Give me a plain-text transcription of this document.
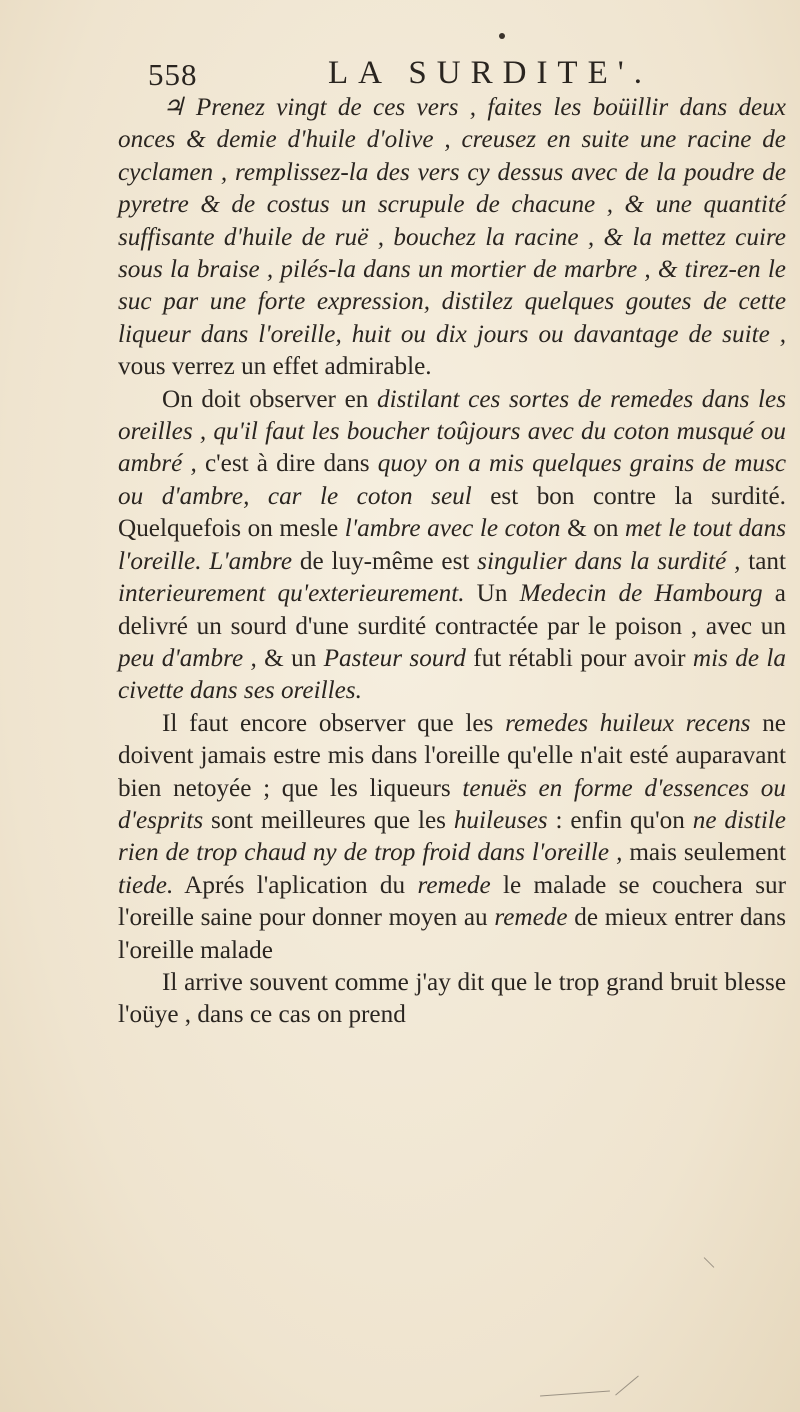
558	LA SURDITE'.

♃ Prenez vingt de ces vers , faites les boüillir dans deux onces & demie d'huile d'olive , creusez en suite une racine de cyclamen , remplissez-la des vers cy dessus avec de la poudre de pyretre & de costus un scrupule de chacune , & une quantité suffisante d'huile de ruë , bouchez la racine , & la mettez cuire sous la braise , pilés-la dans un mortier de marbre , & tirez-en le suc par une forte expression, distilez quelques goutes de cette liqueur dans l'oreille, huit ou dix jours ou davantage de suite , vous verrez un effet admirable.

On doit observer en distilant ces sortes de remedes dans les oreilles , qu'il faut les boucher toûjours avec du coton musqué ou ambré , c'est à dire dans quoy on a mis quelques grains de musc ou d'ambre, car le coton seul est bon contre la surdité. Quelquefois on mesle l'ambre avec le coton & on met le tout dans l'oreille. L'ambre de luy-même est singulier dans la surdité , tant interieurement qu'exterieurement. Un Medecin de Hambourg a delivré un sourd d'une surdité contractée par le poison , avec un peu d'ambre , & un Pasteur sourd fut rétabli pour avoir mis de la civette dans ses oreilles.

Il faut encore observer que les remedes huileux recens ne doivent jamais estre mis dans l'oreille qu'elle n'ait esté auparavant bien netoyée ; que les liqueurs tenuës en forme d'essences ou d'esprits sont meilleures que les huileuses : enfin qu'on ne distile rien de trop chaud ny de trop froid dans l'oreille , mais seulement tiede. Aprés l'aplication du remede le malade se couchera sur l'oreille saine pour donner moyen au remede de mieux entrer dans l'oreille malade

Il arrive souvent comme j'ay dit que le trop grand bruit blesse l'oüye , dans ce cas on prend
